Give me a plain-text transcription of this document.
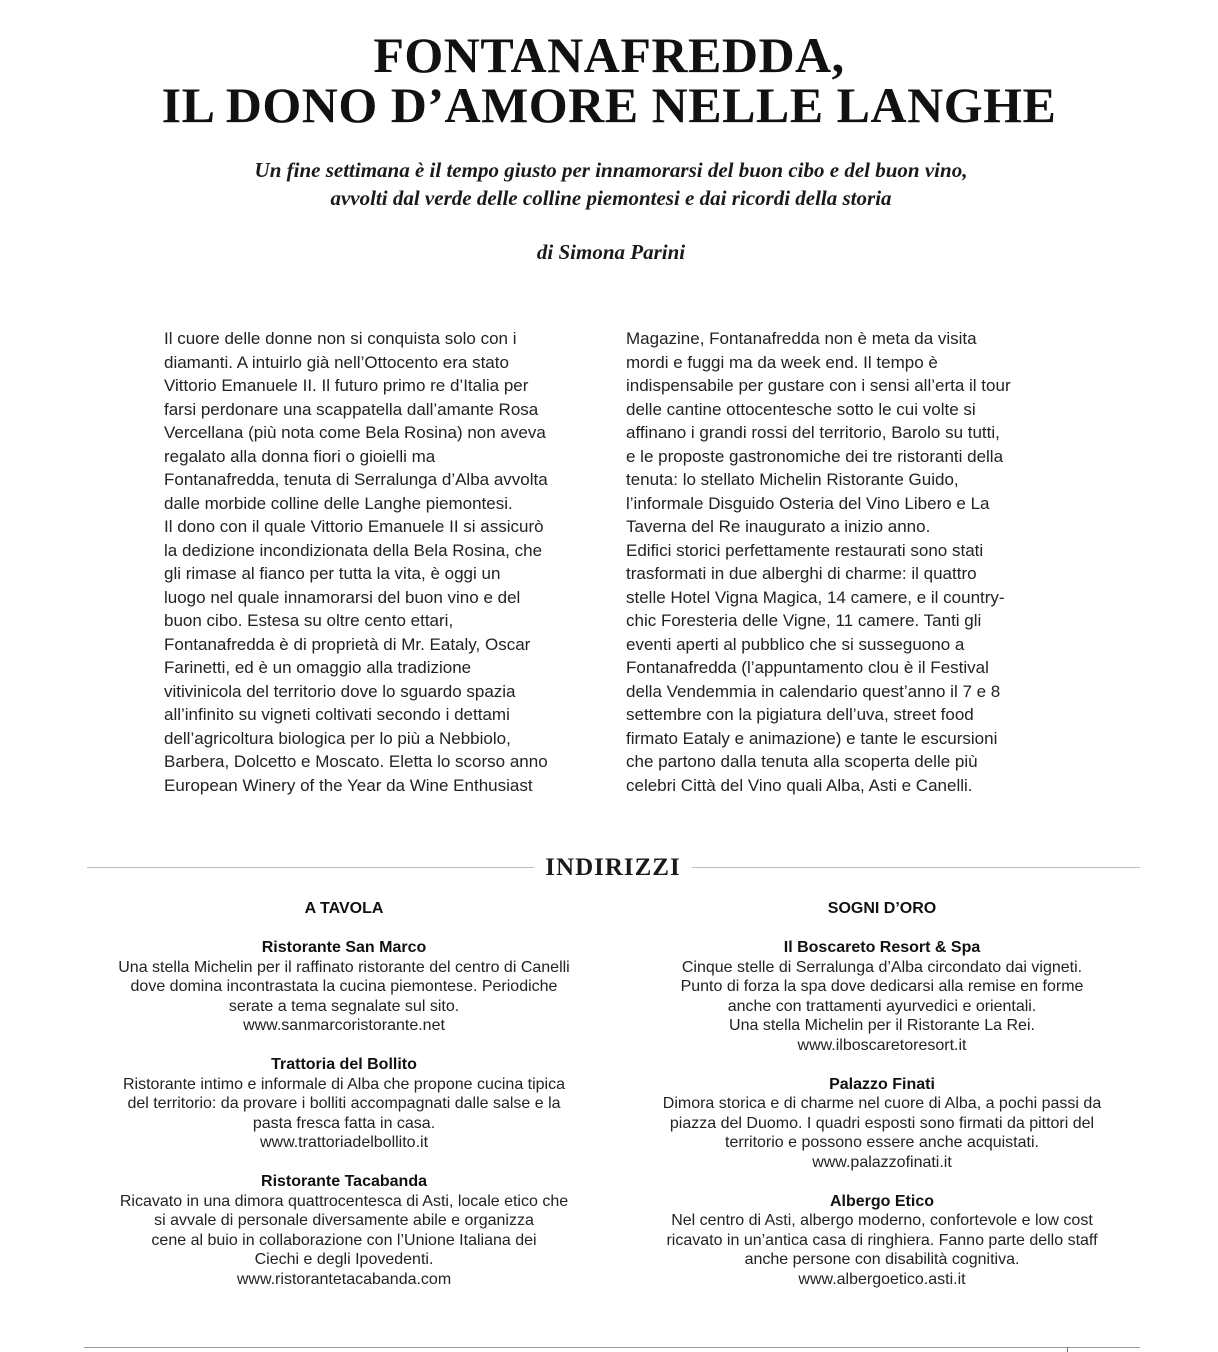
FONTANAFREDDA,
IL DONO D’AMORE NELLE LANGHE
Un fine settimana è il tempo giusto per innamorarsi del buon cibo e del buon vino,
avvolti dal verde delle colline piemontesi e dai ricordi della storia
di Simona Parini
Il cuore delle donne non si conquista solo con i
diamanti. A intuirlo già nell’Ottocento era stato
Vittorio Emanuele II. Il futuro primo re d’Italia per
farsi perdonare una scappatella dall’amante Rosa
Vercellana (più nota come Bela Rosina) non aveva
regalato alla donna fiori o gioielli ma
Fontanafredda, tenuta di Serralunga d’Alba avvolta
dalle morbide colline delle Langhe piemontesi.
Il dono con il quale Vittorio Emanuele II si assicurò
la dedizione incondizionata della Bela Rosina, che
gli rimase al fianco per tutta la vita, è oggi un
luogo nel quale innamorarsi del buon vino e del
buon cibo. Estesa su oltre cento ettari,
Fontanafredda è di proprietà di Mr. Eataly, Oscar
Farinetti, ed è un omaggio alla tradizione
vitivinicola del territorio dove lo sguardo spazia
all’infinito su vigneti coltivati secondo i dettami
dell’agricoltura biologica per lo più a Nebbiolo,
Barbera, Dolcetto e Moscato. Eletta lo scorso anno
European Winery of the Year da Wine Enthusiast
Magazine, Fontanafredda non è meta da visita
mordi e fuggi ma da week end. Il tempo è
indispensabile per gustare con i sensi all’erta il tour
delle cantine ottocentesche sotto le cui volte si
affinano i grandi rossi del territorio, Barolo su tutti,
e le proposte gastronomiche dei tre ristoranti della
tenuta: lo stellato Michelin Ristorante Guido,
l’informale Disguido Osteria del Vino Libero e La
Taverna del Re inaugurato a inizio anno.
Edifici storici perfettamente restaurati sono stati
trasformati in due alberghi di charme: il quattro
stelle Hotel Vigna Magica, 14 camere, e il country-
chic Foresteria delle Vigne, 11 camere. Tanti gli
eventi aperti al pubblico che si susseguono a
Fontanafredda (l’appuntamento clou è il Festival
della Vendemmia in calendario quest’anno il 7 e 8
settembre con la pigiatura dell’uva, street food
firmato Eataly e animazione) e tante le escursioni
che partono dalla tenuta alla scoperta delle più
celebri Città del Vino quali Alba, Asti e Canelli.
INDIRIZZI
A TAVOLA
Ristorante San Marco
Una stella Michelin per il raffinato ristorante del centro di Canelli
dove domina incontrastata la cucina piemontese. Periodiche
serate a tema segnalate sul sito.
www.sanmarcoristorante.net
Trattoria del Bollito
Ristorante intimo e informale di Alba che propone cucina tipica
del territorio: da provare i bolliti accompagnati dalle salse e la
pasta fresca fatta in casa.
www.trattoriadelbollito.it
Ristorante Tacabanda
Ricavato in una dimora quattrocentesca di Asti, locale etico che
si avvale di personale diversamente abile e organizza
cene al buio in collaborazione con l’Unione Italiana dei
Ciechi e degli Ipovedenti.
www.ristorantetacabanda.com
SOGNI D’ORO
Il Boscareto Resort & Spa
Cinque stelle di Serralunga d’Alba circondato dai vigneti.
Punto di forza la spa dove dedicarsi alla remise en forme
anche con trattamenti ayurvedici e orientali.
Una stella Michelin per il Ristorante La Rei.
www.ilboscaretoresort.it
Palazzo Finati
Dimora storica e di charme nel cuore di Alba, a pochi passi da
piazza del Duomo. I quadri esposti sono firmati da pittori del
territorio e possono essere anche acquistati.
www.palazzofinati.it
Albergo Etico
Nel centro di Asti, albergo moderno, confortevole e low cost
ricavato in un’antica casa di ringhiera. Fanno parte dello staff
anche persone con disabilità cognitiva.
www.albergoetico.asti.it
